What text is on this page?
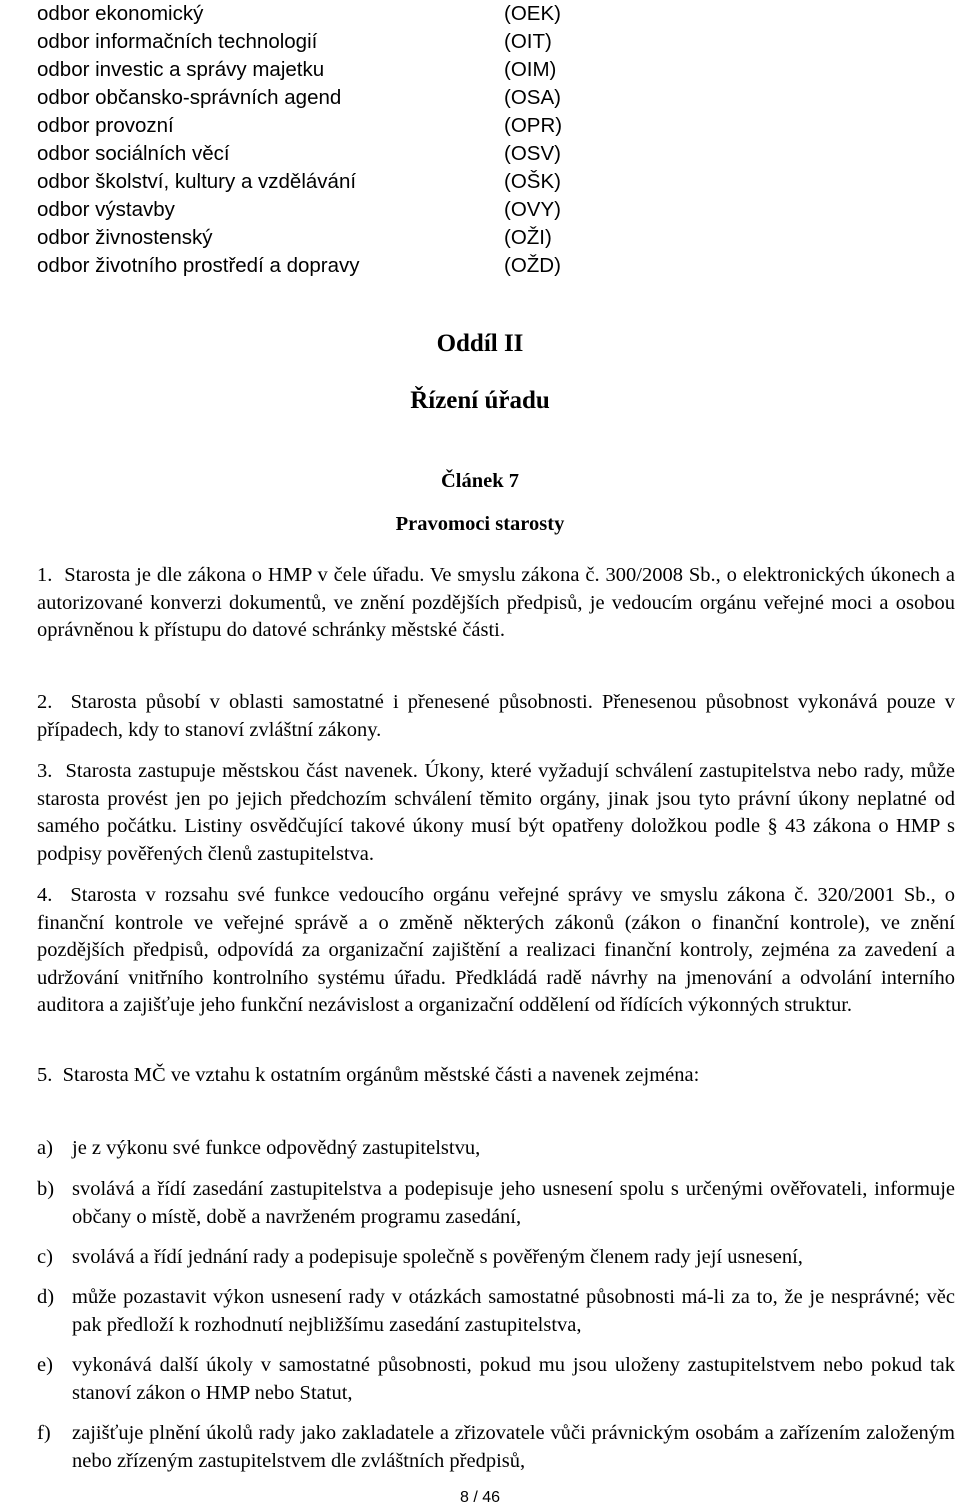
odbor ekonomický	(OEK)
odbor informačních technologií	(OIT)
odbor investic a správy majetku	(OIM)
odbor občansko-správních agend	(OSA)
odbor provozní	(OPR)
odbor sociálních věcí	(OSV)
odbor školství, kultury a vzdělávání	(OŠK)
odbor výstavby	(OVY)
odbor živnostenský	(OŽI)
odbor životního prostředí a dopravy	(OŽD)
Oddíl II
Řízení úřadu
Článek 7
Pravomoci starosty
1. Starosta je dle zákona o HMP v čele úřadu. Ve smyslu zákona č. 300/2008 Sb., o elektronických úkonech a autorizované konverzi dokumentů, ve znění pozdějších předpisů, je vedoucím orgánu veřejné moci a osobou oprávněnou k přístupu do datové schránky městské části.
2. Starosta působí v oblasti samostatné i přenesené působnosti. Přenesenou působnost vykonává pouze v případech, kdy to stanoví zvláštní zákony.
3. Starosta zastupuje městskou část navenek. Úkony, které vyžadují schválení zastupitelstva nebo rady, může starosta provést jen po jejich předchozím schválení těmito orgány, jinak jsou tyto právní úkony neplatné od samého počátku. Listiny osvědčující takové úkony musí být opatřeny doložkou podle § 43 zákona o HMP s podpisy pověřených členů zastupitelstva.
4. Starosta v rozsahu své funkce vedoucího orgánu veřejné správy ve smyslu zákona č. 320/2001 Sb., o finanční kontrole ve veřejné správě a o změně některých zákonů (zákon o finanční kontrole), ve znění pozdějších předpisů, odpovídá za organizační zajištění a realizaci finanční kontroly, zejména za zavedení a udržování vnitřního kontrolního systému úřadu. Předkládá radě návrhy na jmenování a odvolání interního auditora a zajišťuje jeho funkční nezávislost a organizační oddělení od řídících výkonných struktur.
5. Starosta MČ ve vztahu k ostatním orgánům městské části a navenek zejména:
a) je z výkonu své funkce odpovědný zastupitelstvu,
b) svolává a řídí zasedání zastupitelstva a podepisuje jeho usnesení spolu s určenými ověřovateli, informuje občany o místě, době a navrženém programu zasedání,
c) svolává a řídí jednání rady a podepisuje společně s pověřeným členem rady její usnesení,
d) může pozastavit výkon usnesení rady v otázkách samostatné působnosti má-li za to, že je nesprávné; věc pak předloží k rozhodnutí nejbližšímu zasedání zastupitelstva,
e) vykonává další úkoly v samostatné působnosti, pokud mu jsou uloženy zastupitelstvem nebo pokud tak stanoví zákon o HMP nebo Statut,
f) zajišťuje plnění úkolů rady jako zakladatele a zřizovatele vůči právnickým osobám a zařízením založeným nebo zřízeným zastupitelstvem dle zvláštních předpisů,
8 / 46
